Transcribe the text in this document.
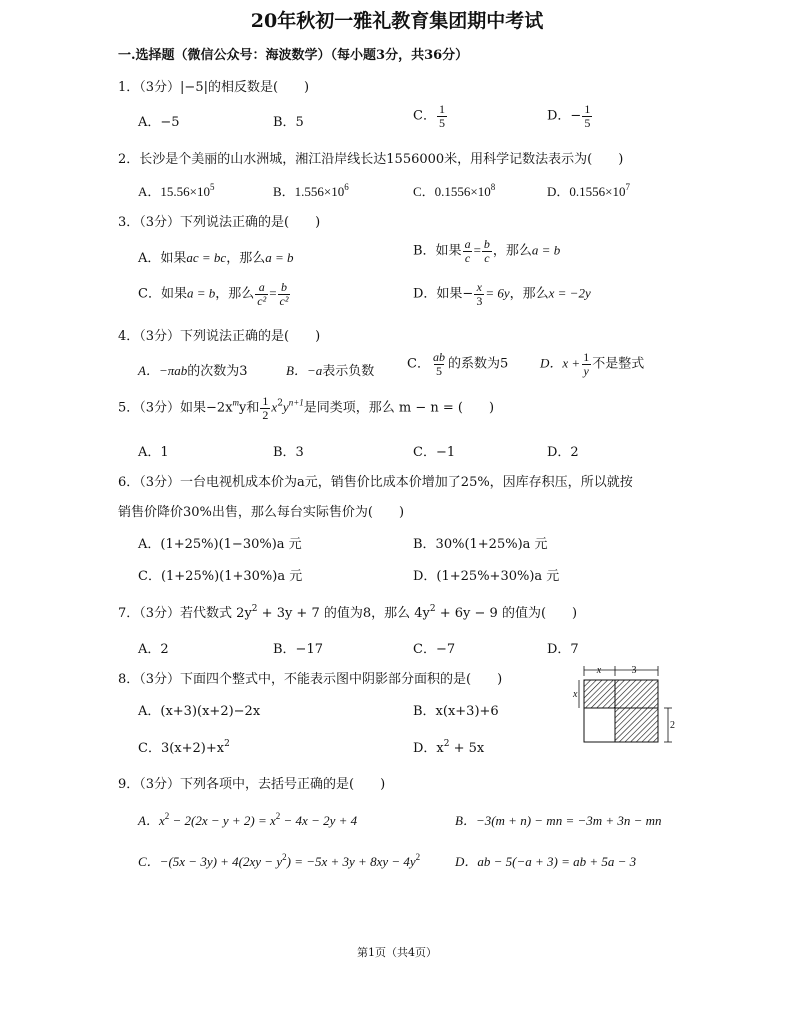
20年秋初一雅礼教育集团期中考试
一.选择题（微信公众号：海波数学）（每小题3分，共36分）
1．（3分）|−5|的相反数是(　　)
A．−5	B．5	C． $\frac{1}{5}$	D．− $\frac{1}{5}$
2．长沙是个美丽的山水洲城，湘江沿岸线长达1556000米，用科学记数法表示为(　　)
A．$15.56\times 10^5$	B．$1.556\times 10^6$	C．$0.1556\times 10^8$	D．$0.1556\times 10^7$
3．（3分）下列说法正确的是(　　)
A．如果ac = bc，那么a = b	B．如果 $\frac{a}{c} = \frac{b}{c}$ ，那么a = b
C．如果a = b，那么 $\frac{a}{\text{c²}} = \frac{b}{\text{c²}}$	D．如果− $\frac{x}{3} = 6y$，那么x = −2y
4．（3分）下列说法正确的是(　　)
A．−πab的次数为3	B．−a表示负数	C． $\frac{ab}{5}$ 的系数为5 D．$x + \frac{1}{y}$ 不是整式
5．（3分）如果$-2x^my$和 $\frac{1}{2} x^2y^{n+1}$是同类项，那么 m − n = (　　)
A．1	B．3	C．−1	D．2
6．（3分）一台电视机成本价为a元，销售价比成本价增加了25%，因库存积压，所以就按
销售价降价30%出售，那么每台实际售价为(　　)
A．(1+25%)(1−30%)a 元	B．30%(1+25%)a 元
C．(1+25%)(1+30%)a 元	D．(1+25%+30%)a 元
7．（3分）若代数式 $2y^2 + 3y + 7$ 的值为8，那么 $4y^2 + 6y - 9$ 的值为(　　)
A．2	B．−17	C．−7	D．7
8．（3分）下面四个整式中，不能表示图中阴影部分面积的是(　　)
A．(x+3)(x+2)−2x	B．x(x+3)+6
C．$3(x+2)+x^2$	D．$x^2 + 5x$
x	3
x
2
9．（3分）下列各项中，去括号正确的是(　　)
A．$x^2 - 2(2x - y + 2) = x^2 - 4x - 2y + 4$	B．−3(m + n) − mn = −3m + 3n − mn
C．$-(5x - 3y) + 4(2xy - y^2) = -5x + 3y + 8xy - 4y^2$	D．ab − 5(−a + 3) = ab + 5a − 3
第1页（共4页）
